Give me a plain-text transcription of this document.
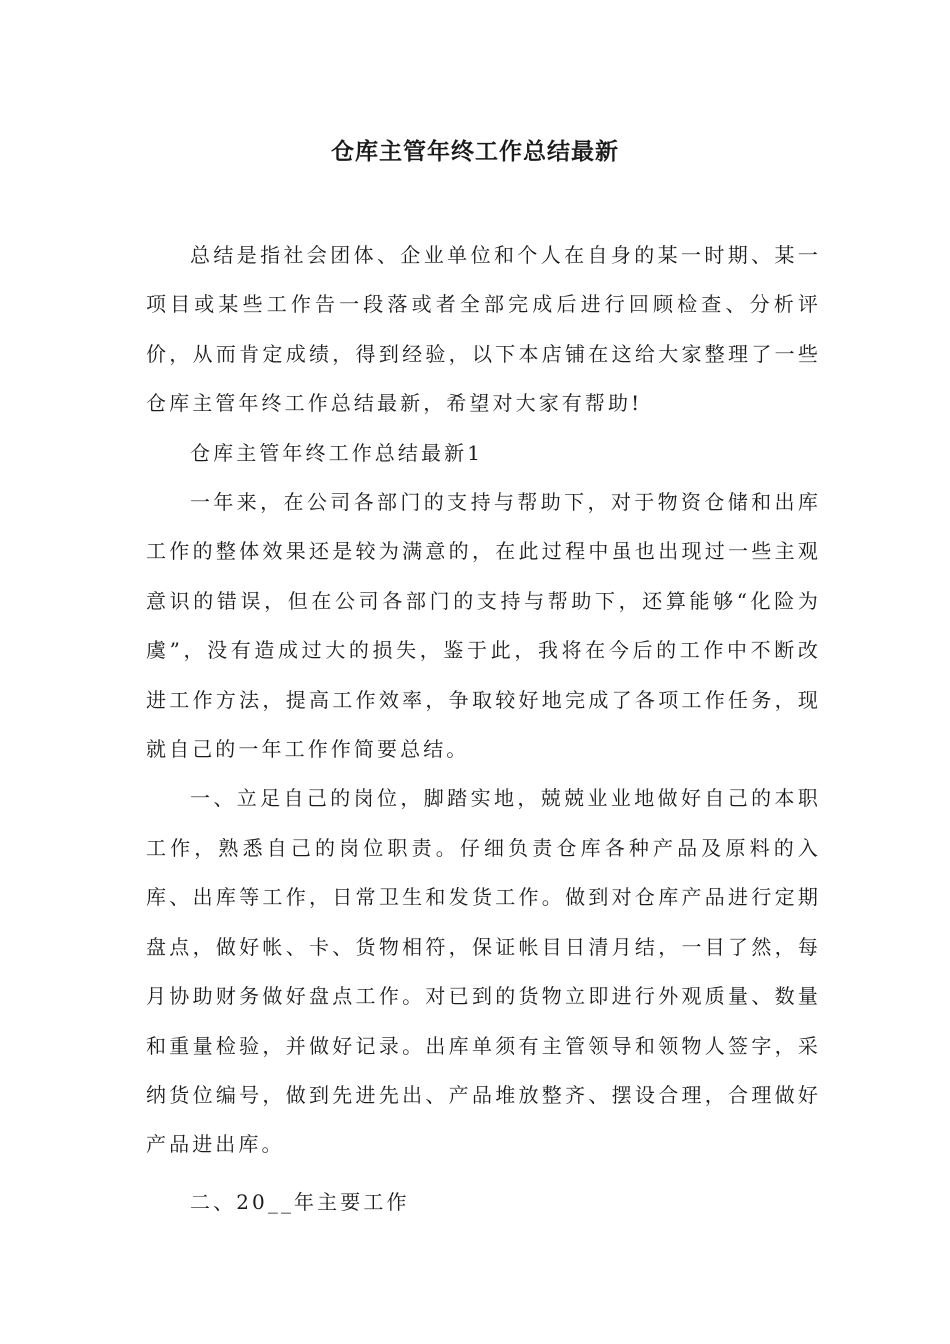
仓库主管年终工作总结最新

总结是指社会团体、企业单位和个人在自身的某一时期、某一项目或某些工作告一段落或者全部完成后进行回顾检查、分析评价，从而肯定成绩，得到经验，以下本店铺在这给大家整理了一些仓库主管年终工作总结最新，希望对大家有帮助!

仓库主管年终工作总结最新1

一年来，在公司各部门的支持与帮助下，对于物资仓储和出库工作的整体效果还是较为满意的，在此过程中虽也出现过一些主观意识的错误，但在公司各部门的支持与帮助下，还算能够“化险为虞”，没有造成过大的损失，鉴于此，我将在今后的工作中不断改进工作方法，提高工作效率，争取较好地完成了各项工作任务，现就自己的一年工作作简要总结。

一、立足自己的岗位，脚踏实地，兢兢业业地做好自己的本职工作，熟悉自己的岗位职责。仔细负责仓库各种产品及原料的入库、出库等工作，日常卫生和发货工作。做到对仓库产品进行定期盘点，做好帐、卡、货物相符，保证帐目日清月结，一目了然，每月协助财务做好盘点工作。对已到的货物立即进行外观质量、数量和重量检验，并做好记录。出库单须有主管领导和领物人签字，采纳货位编号，做到先进先出、产品堆放整齐、摆设合理，合理做好产品进出库。

二、20__年主要工作
